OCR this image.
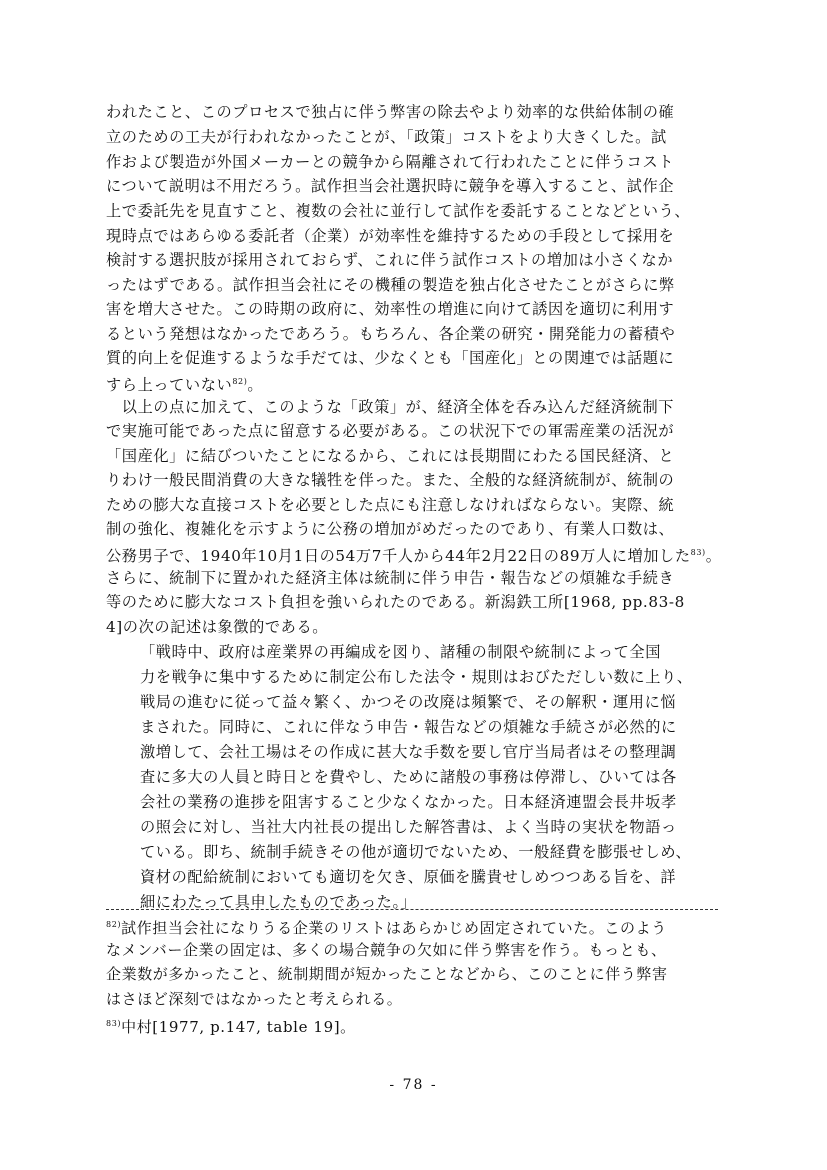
われたこと、このプロセスで独占に伴う弊害の除去やより効率的な供給体制の確
立のための工夫が行われなかったことが、「政策」コストをより大きくした。試
作および製造が外国メーカーとの競争から隔離されて行われたことに伴うコスト
について説明は不用だろう。試作担当会社選択時に競争を導入すること、試作企
上で委託先を見直すこと、複数の会社に並行して試作を委託することなどという、
現時点ではあらゆる委託者（企業）が効率性を維持するための手段として採用を
検討する選択肢が採用されておらず、これに伴う試作コストの増加は小さくなか
ったはずである。試作担当会社にその機種の製造を独占化させたことがさらに弊
害を増大させた。この時期の政府に、効率性の増進に向けて誘因を適切に利用す
るという発想はなかったであろう。もちろん、各企業の研究・開発能力の蓄積や
質的向上を促進するような手だては、少なくとも「国産化」との関連では話題に
すら上っていない$^{82)}$。
　以上の点に加えて、このような「政策」が、経済全体を呑み込んだ経済統制下
で実施可能であった点に留意する必要がある。この状況下での軍需産業の活況が
「国産化」に結びついたことになるから、これには長期間にわたる国民経済、と
りわけ一般民間消費の大きな犠牲を伴った。また、全般的な経済統制が、統制の
ための膨大な直接コストを必要とした点にも注意しなければならない。実際、統
制の強化、複雑化を示すように公務の増加がめだったのであり、有業人口数は、
公務男子で、1940年10月1日の54万7千人から44年2月22日の89万人に増加した$^{83)}$。
さらに、統制下に置かれた経済主体は統制に伴う申告・報告などの煩雑な手続き
等のために膨大なコスト負担を強いられたのである。新潟鉄工所[1968, pp.83-8
4]の次の記述は象徴的である。
「戦時中、政府は産業界の再編成を図り、諸種の制限や統制によって全国
力を戦争に集中するために制定公布した法令・規則はおびただしい数に上り、
戦局の進むに従って益々繁く、かつその改廃は頻繁で、その解釈・運用に悩
まされた。同時に、これに伴なう申告・報告などの煩雑な手続さが必然的に
激増して、会社工場はその作成に甚大な手数を要し官庁当局者はその整理調
査に多大の人員と時日とを費やし、ために諸般の事務は停滞し、ひいては各
会社の業務の進捗を阻害すること少なくなかった。日本経済連盟会長井坂孝
の照会に対し、当社大内社長の提出した解答書は、よく当時の実状を物語っ
ている。即ち、統制手続きその他が適切でないため、一般経費を膨張せしめ、
資材の配給統制においても適切を欠き、原価を騰貴せしめつつある旨を、詳
細にわたって具申したものであった。」
$^{82)}$試作担当会社になりうる企業のリストはあらかじめ固定されていた。このよう
なメンバー企業の固定は、多くの場合競争の欠如に伴う弊害を作う。もっとも、
企業数が多かったこと、統制期間が短かったことなどから、このことに伴う弊害
はさほど深刻ではなかったと考えられる。
$^{83)}$中村[1977, p.147, table 19]。
- 78 -
